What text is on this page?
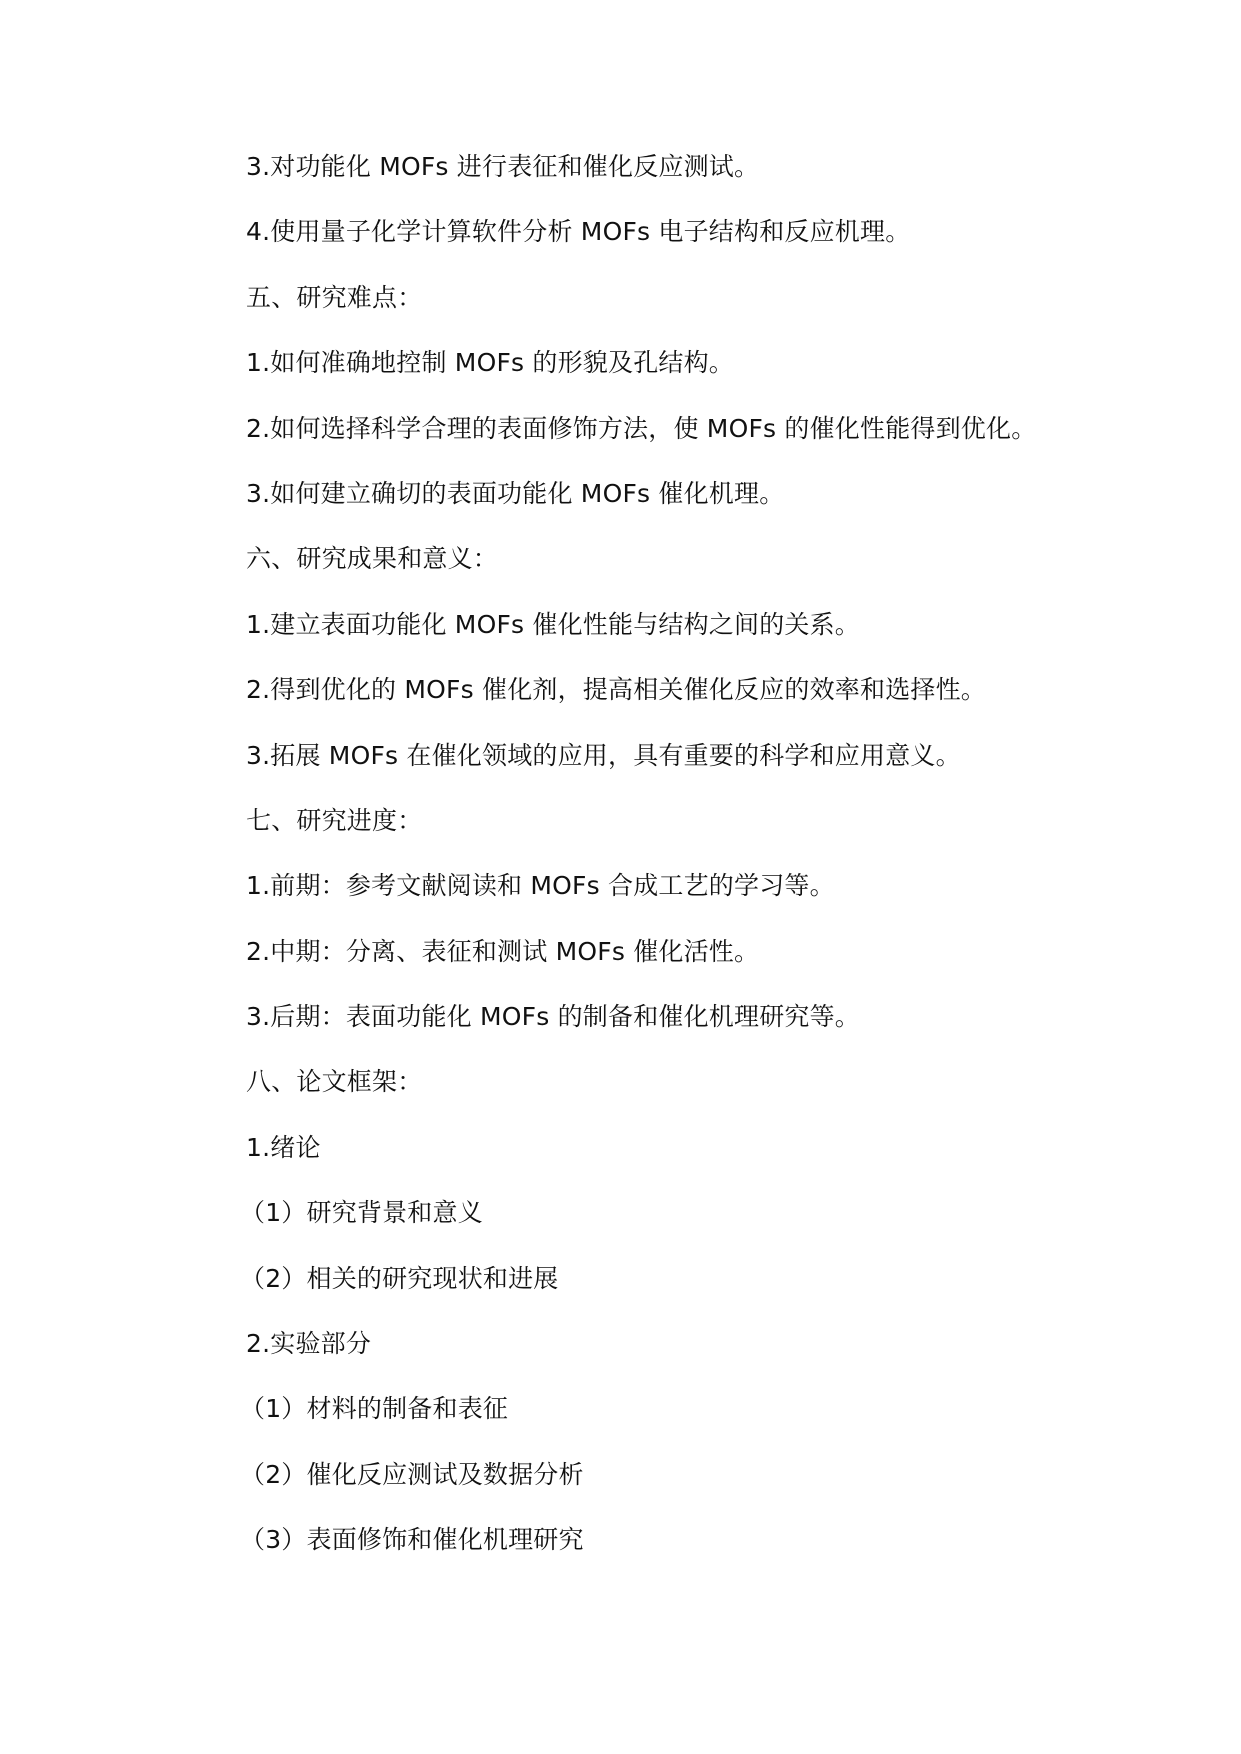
3.对功能化 MOFs 进行表征和催化反应测试。
4.使用量子化学计算软件分析 MOFs 电子结构和反应机理。
五、研究难点：
1.如何准确地控制 MOFs 的形貌及孔结构。
2.如何选择科学合理的表面修饰方法，使 MOFs 的催化性能得到优化。
3.如何建立确切的表面功能化 MOFs 催化机理。
六、研究成果和意义：
1.建立表面功能化 MOFs 催化性能与结构之间的关系。
2.得到优化的 MOFs 催化剂，提高相关催化反应的效率和选择性。
3.拓展 MOFs 在催化领域的应用，具有重要的科学和应用意义。
七、研究进度：
1.前期：参考文献阅读和 MOFs 合成工艺的学习等。
2.中期：分离、表征和测试 MOFs 催化活性。
3.后期：表面功能化 MOFs 的制备和催化机理研究等。
八、论文框架：
1.绪论
（1）研究背景和意义
（2）相关的研究现状和进展
2.实验部分
（1）材料的制备和表征
（2）催化反应测试及数据分析
（3）表面修饰和催化机理研究
